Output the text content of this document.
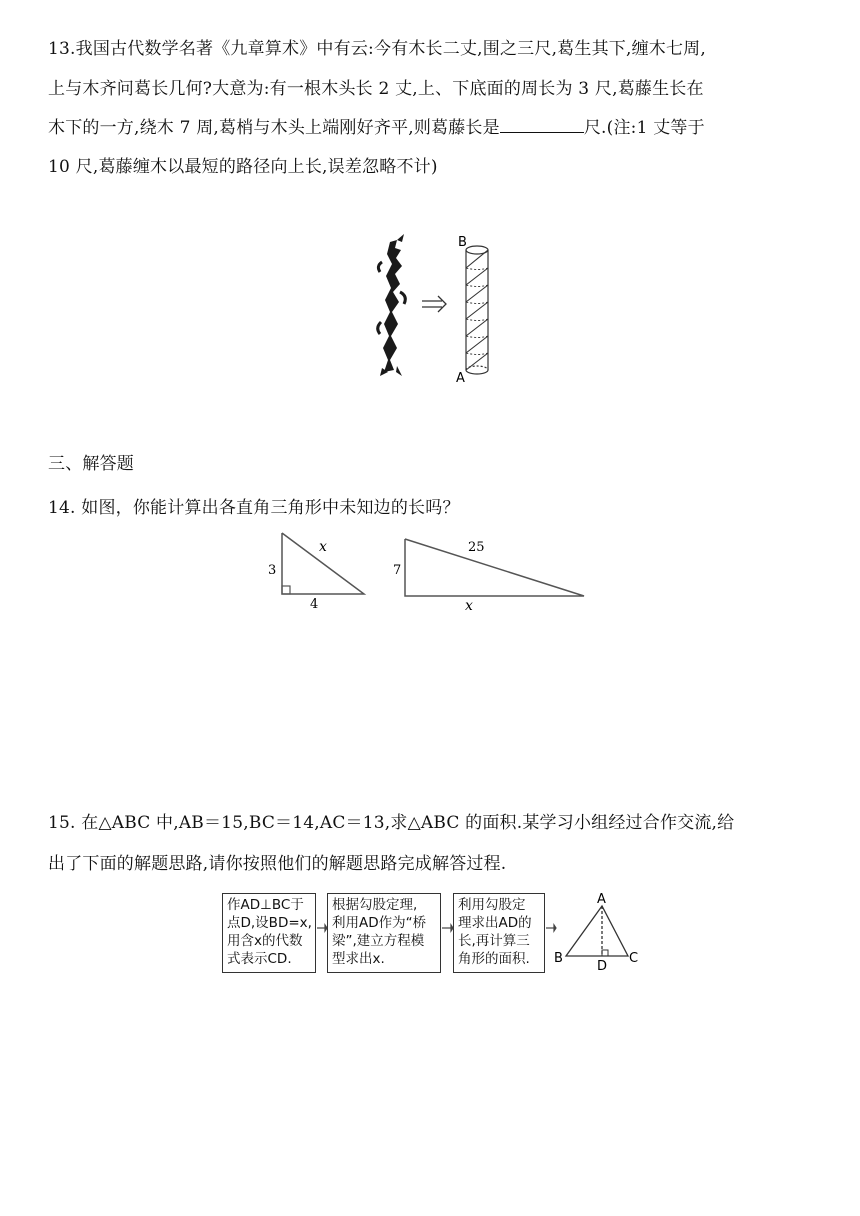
13.我国古代数学名著《九章算术》中有云:今有木长二丈,围之三尺,葛生其下,缠木七周,
上与木齐问葛长几何?大意为:有一根木头长 2 丈,上、下底面的周长为 3 尺,葛藤生长在
木下的一方,绕木 7 周,葛梢与木头上端刚好齐平,则葛藤长是	尺.(注:1 丈等于
10 尺,葛藤缠木以最短的路径向上长,误差忽略不计)
B
A
三、解答题
14. 如图，你能计算出各直角三角形中未知边的长吗？
3
4
x
7
25
x
15. 在△ABC 中,AB＝15,BC＝14,AC＝13,求△ABC 的面积.某学习小组经过合作交流,给
出了下面的解题思路,请你按照他们的解题思路完成解答过程.
作AD⊥BC于
点D,设BD=x,
用含x的代数
式表示CD.
根据勾股定理,
利用AD作为“桥
梁”,建立方程模
型求出x.
利用勾股定
理求出AD的
长,再计算三
角形的面积.
A
B	C
D
